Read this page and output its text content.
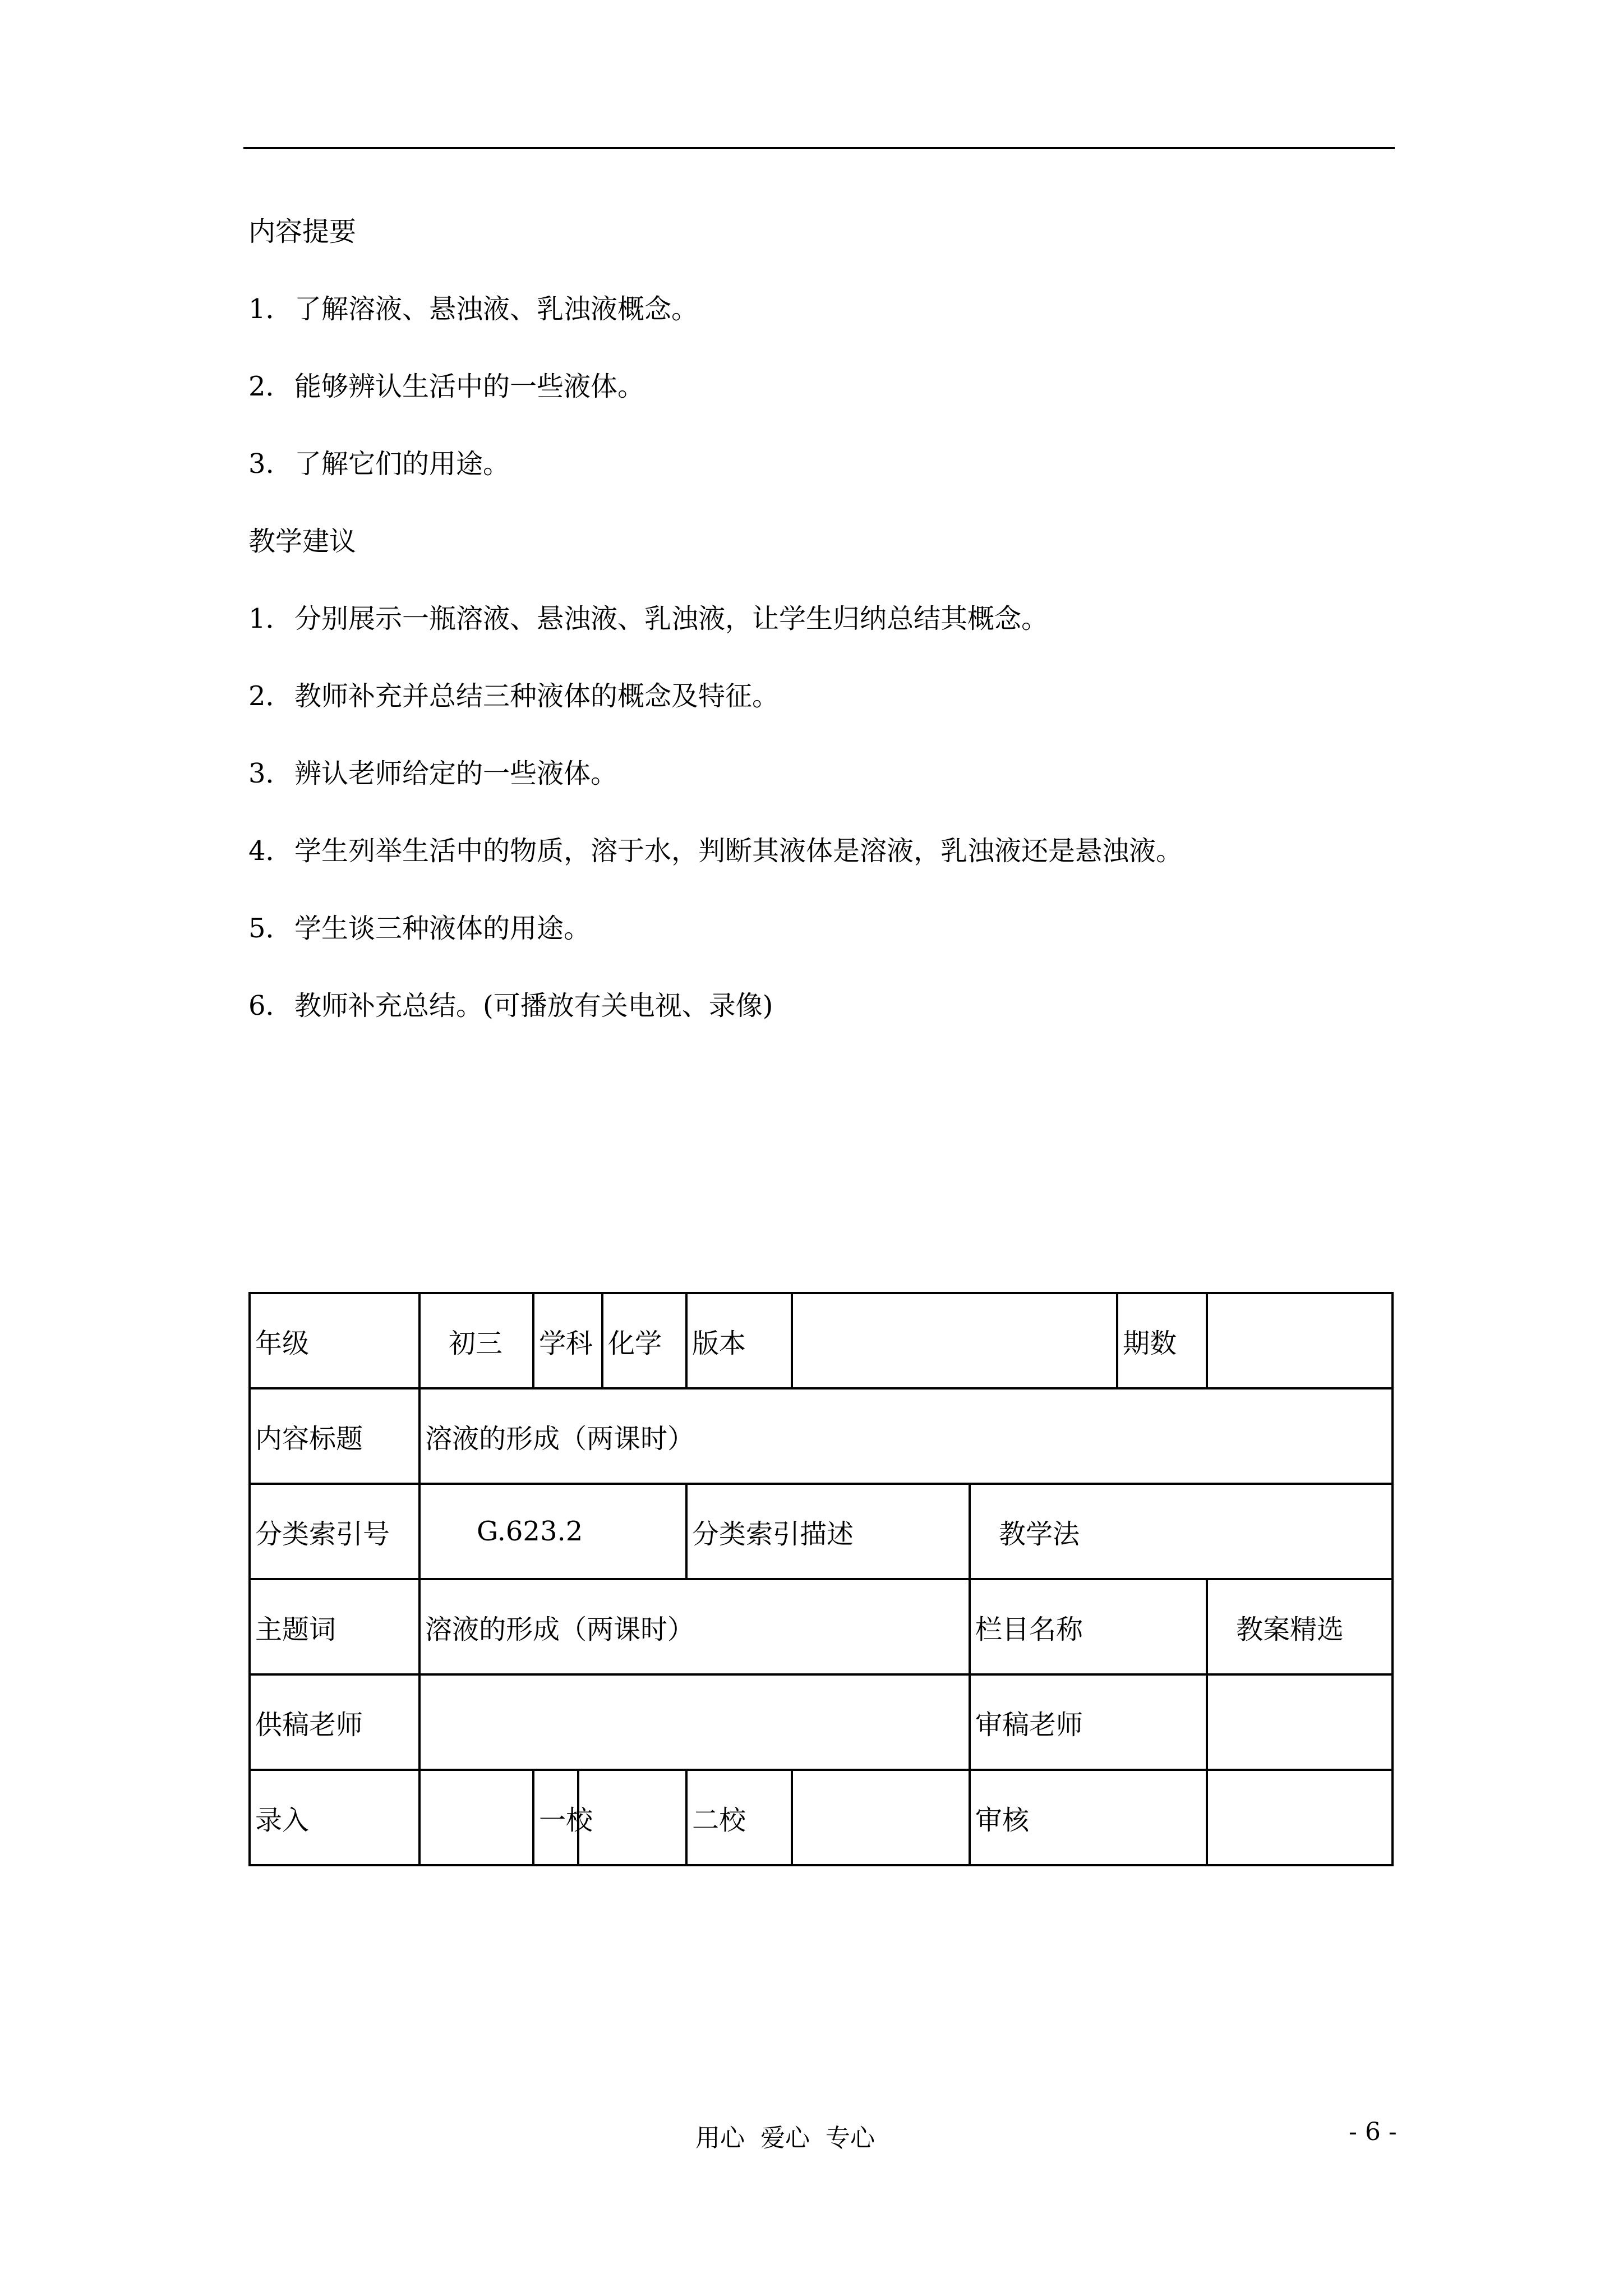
内容提要
1．了解溶液、悬浊液、乳浊液概念。
2．能够辨认生活中的一些液体。
3. 了解它们的用途。
教学建议
1．分别展示一瓶溶液、悬浊液、乳浊液，让学生归纳总结其概念。
2．教师补充并总结三种液体的概念及特征。
3．辨认老师给定的一些液体。
4．学生列举生活中的物质，溶于水，判断其液体是溶液，乳浊液还是悬浊液。
5．学生谈三种液体的用途。
6．教师补充总结。(可播放有关电视、录像)
年级	初三	学科		化学	版本			期数	
内容标题	溶液的形成（两课时）								
分类索引号	G.623.2				分类索引描述		教学法		
主题词	溶液的形成（两课时）						栏目名称		教案精选
供稿老师							审稿老师		
录入		一校			二校		审核		
用心  爱心  专心	- 6 -
